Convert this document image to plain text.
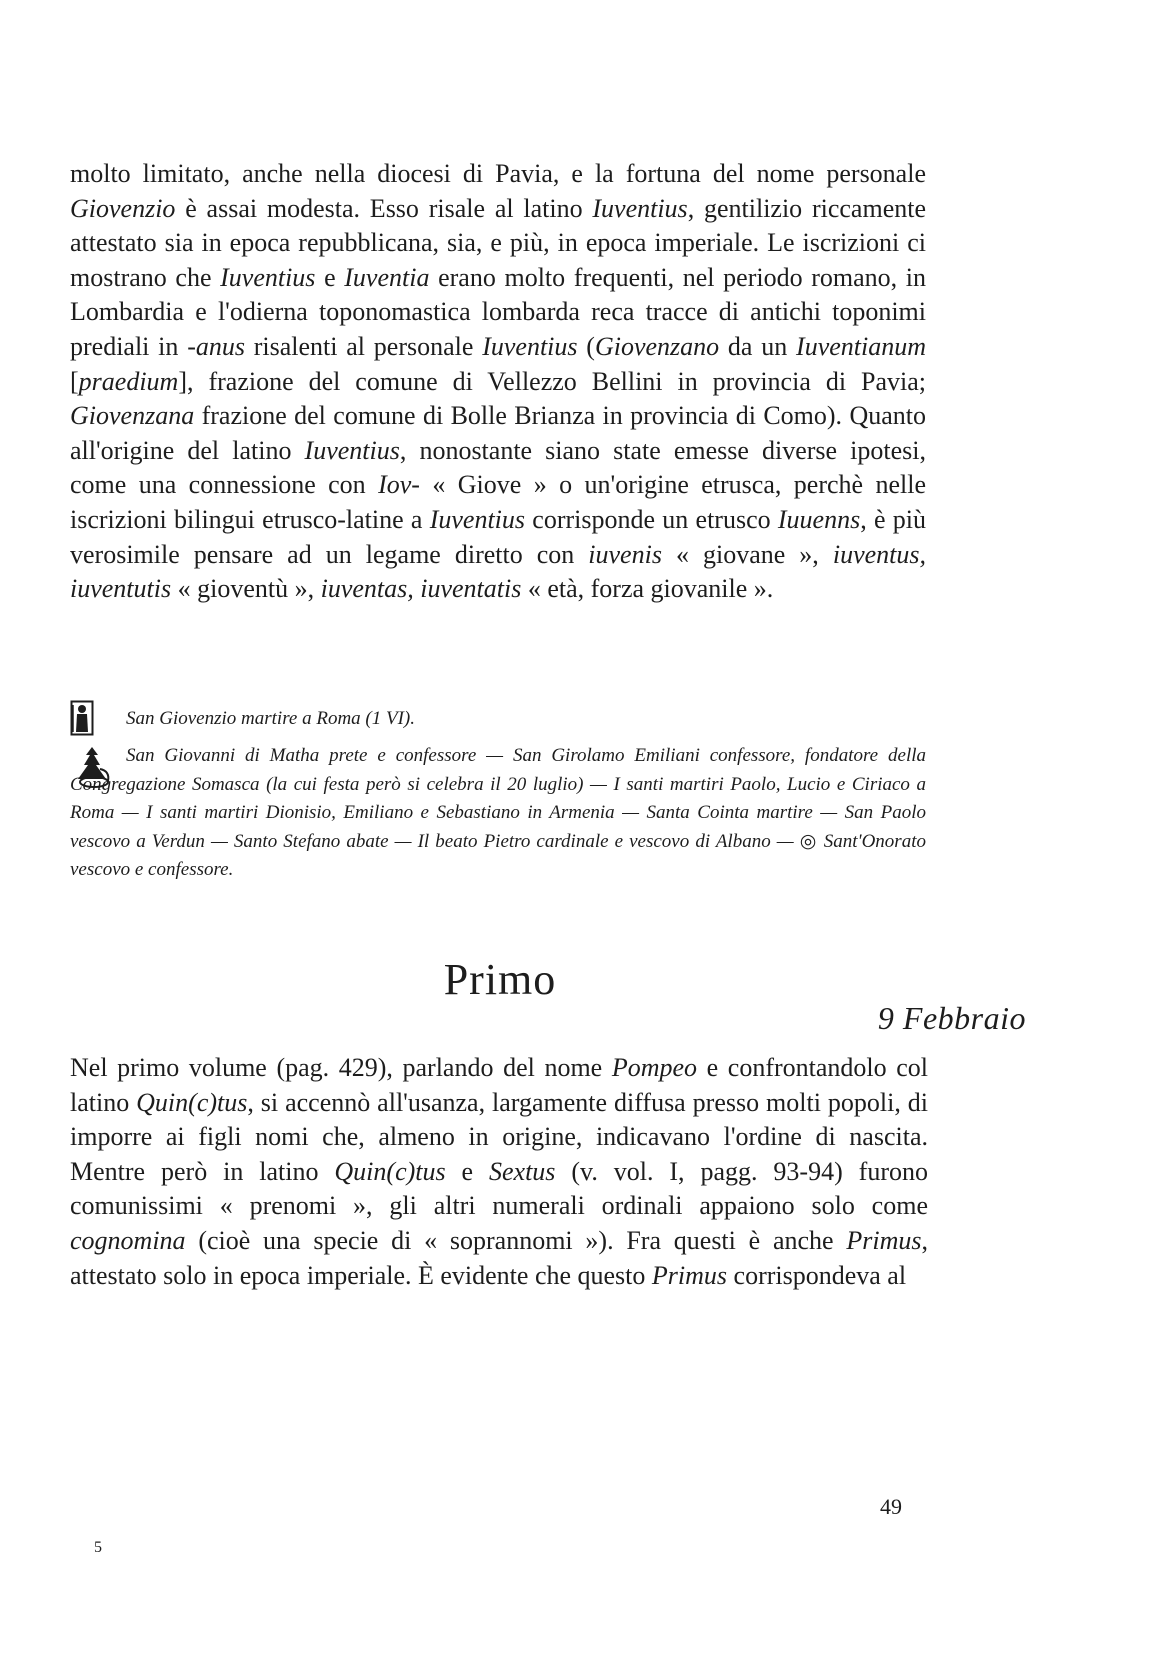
molto limitato, anche nella diocesi di Pavia, e la fortuna del nome personale Giovenzio è assai modesta. Esso risale al latino Iuventius, gentilizio riccamente attestato sia in epoca repubblicana, sia, e più, in epoca imperiale. Le iscrizioni ci mostrano che Iuventius e Iuventia erano molto frequenti, nel periodo romano, in Lombardia e l'odierna toponomastica lombarda reca tracce di antichi toponimi prediali in -anus risalenti al personale Iuventius (Giovenzano da un Iuventianum [praedium], frazione del comune di Vellezzo Bellini in provincia di Pavia; Giovenzana frazione del comune di Bolle Brianza in provincia di Como). Quanto all'origine del latino Iuventius, nonostante siano state emesse diverse ipotesi, come una connessione con Iov- « Giove » o un'origine etrusca, perchè nelle iscrizioni bilingui etrusco-latine a Iuventius corrisponde un etrusco Iuuenns, è più verosimile pensare ad un legame diretto con iuvenis « giovane », iuventus, iuventutis « gioventù », iuventas, iuventatis « età, forza giovanile ».
San Giovenzio martire a Roma (1 VI).
San Giovanni di Matha prete e confessore — San Girolamo Emiliani confessore, fondatore della Congregazione Somasca (la cui festa però si celebra il 20 luglio) — I santi martiri Paolo, Lucio e Ciriaco a Roma — I santi martiri Dionisio, Emiliano e Sebastiano in Armenia — Santa Cointa martire — San Paolo vescovo a Verdun — Santo Stefano abate — Il beato Pietro cardinale e vescovo di Albano — ◎ Sant'Onorato vescovo e confessore.
Primo
9 Febbraio
Nel primo volume (pag. 429), parlando del nome Pompeo e confrontandolo col latino Quin(c)tus, si accennò all'usanza, largamente diffusa presso molti popoli, di imporre ai figli nomi che, almeno in origine, indicavano l'ordine di nascita. Mentre però in latino Quin(c)tus e Sextus (v. vol. I, pagg. 93-94) furono comunissimi « prenomi », gli altri numerali ordinali appaiono solo come cognomina (cioè una specie di « soprannomi »). Fra questi è anche Primus, attestato solo in epoca imperiale. È evidente che questo Primus corrispondeva al
49
5
